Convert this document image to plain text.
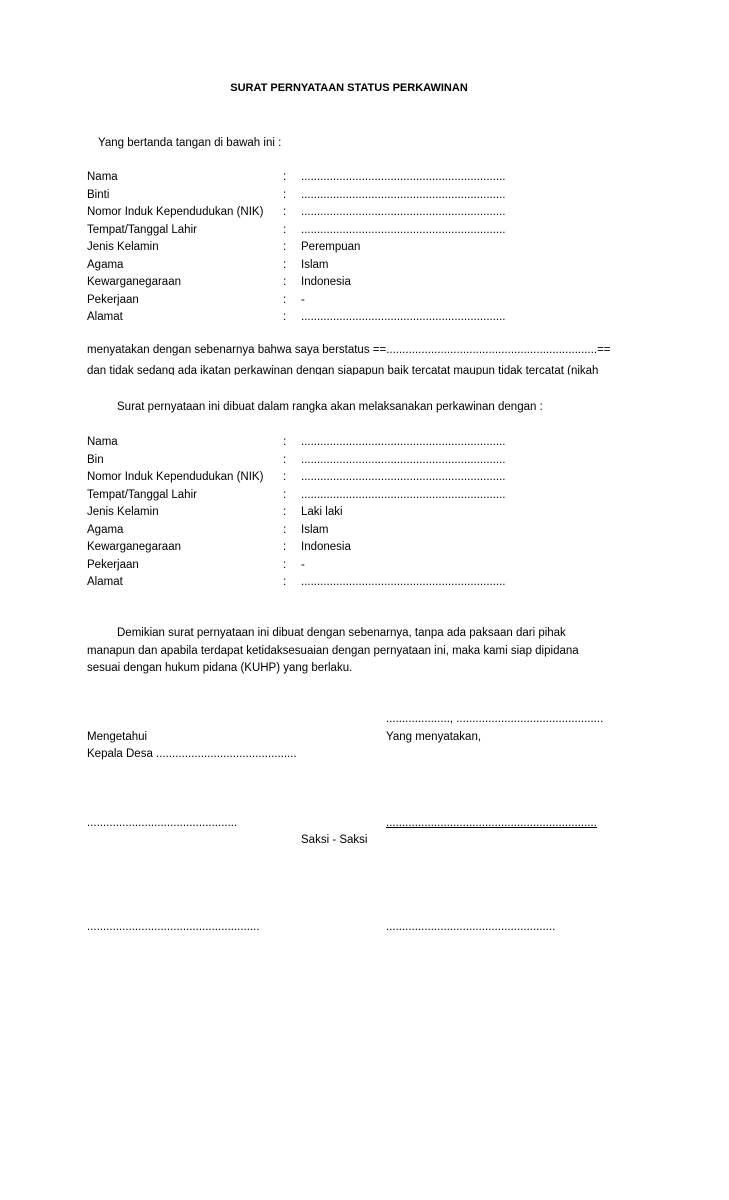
SURAT PERNYATAAN STATUS PERKAWINAN
Yang bertanda tangan di bawah ini :
Nama	: ................................................................
Binti	: ................................................................
Nomor Induk Kependudukan (NIK) : ................................................................
Tempat/Tanggal Lahir	: ................................................................
Jenis Kelamin	: Perempuan
Agama	: Islam
Kewarganegaraan	: Indonesia
Pekerjaan	: -
Alamat	: ................................................................
menyatakan dengan sebenarnya bahwa saya berstatus ==..................................................................==
dan tidak sedang ada ikatan perkawinan dengan siapapun baik tercatat maupun tidak tercatat (nikah
Surat pernyataan ini dibuat dalam rangka akan melaksanakan perkawinan dengan :
Nama	: ................................................................
Bin	: ................................................................
Nomor Induk Kependudukan (NIK) : ................................................................
Tempat/Tanggal Lahir	: ................................................................
Jenis Kelamin	: Laki laki
Agama	: Islam
Kewarganegaraan	: Indonesia
Pekerjaan	: -
Alamat	: ................................................................

Demikian surat pernyataan ini dibuat dengan sebenarnya, tanpa ada paksaan dari pihak

manapun dan apabila terdapat ketidaksesuaian dengan pernyataan ini, maka kami siap dipidana

sesuai dengan hukum pidana (KUHP) yang berlaku.

...................., ..............................................
Mengetahui	Yang menyatakan,
Kepala Desa ............................................
...............................................	..................................................................
Saksi - Saksi
......................................................	.....................................................
